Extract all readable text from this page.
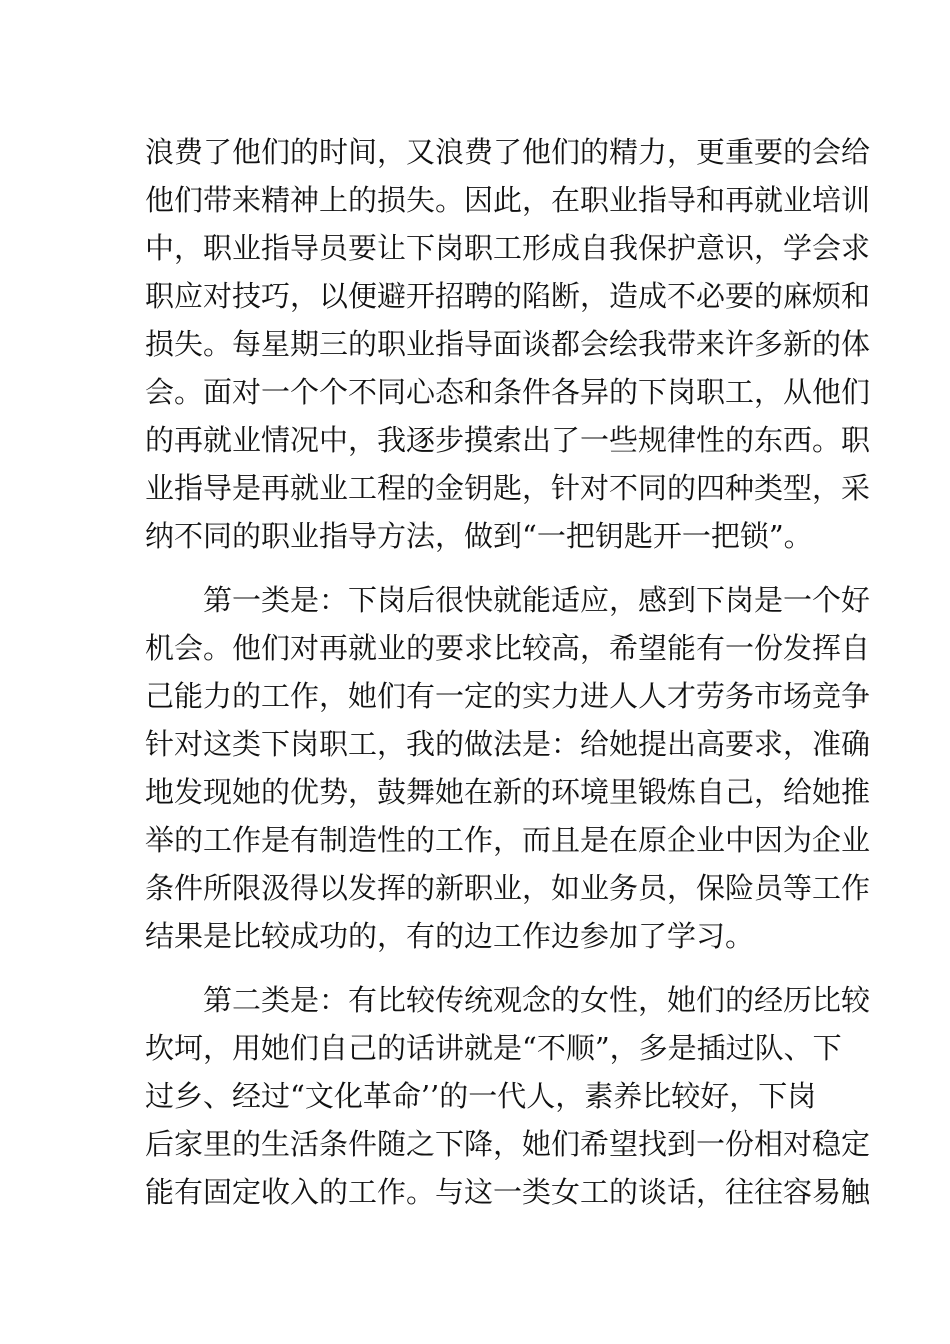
浪费了他们的时间，又浪费了他们的精力，更重要的会给
他们带来精神上的损失。因此，在职业指导和再就业培训
中，职业指导员要让下岗职工形成自我保护意识，学会求
职应对技巧，以便避开招聘的陷断，造成不必要的麻烦和
损失。每星期三的职业指导面谈都会绘我带来许多新的体
会。面对一个个不同心态和条件各异的下岗职工，从他们
的再就业情况中，我逐步摸索出了一些规律性的东西。职
业指导是再就业工程的金钥匙，针对不同的四种类型，采
纳不同的职业指导方法，做到“一把钥匙开一把锁”。
第一类是：下岗后很快就能适应，感到下岗是一个好
机会。他们对再就业的要求比较高，希望能有一份发挥自
己能力的工作，她们有一定的实力进人人才劳务市场竞争
针对这类下岗职工，我的做法是：给她提出高要求，准确
地发现她的优势，鼓舞她在新的环境里锻炼自己，给她推
举的工作是有制造性的工作，而且是在原企业中因为企业
条件所限汲得以发挥的新职业，如业务员，保险员等工作
结果是比较成功的，有的边工作边参加了学习。
第二类是：有比较传统观念的女性，她们的经历比较
坎坷，用她们自己的话讲就是“不顺”，多是插过队、下
过乡、经过“文化革命’’的一代人，素养比较好，下岗
后家里的生活条件随之下降，她们希望找到一份相对稳定
能有固定收入的工作。与这一类女工的谈话，往往容易触
